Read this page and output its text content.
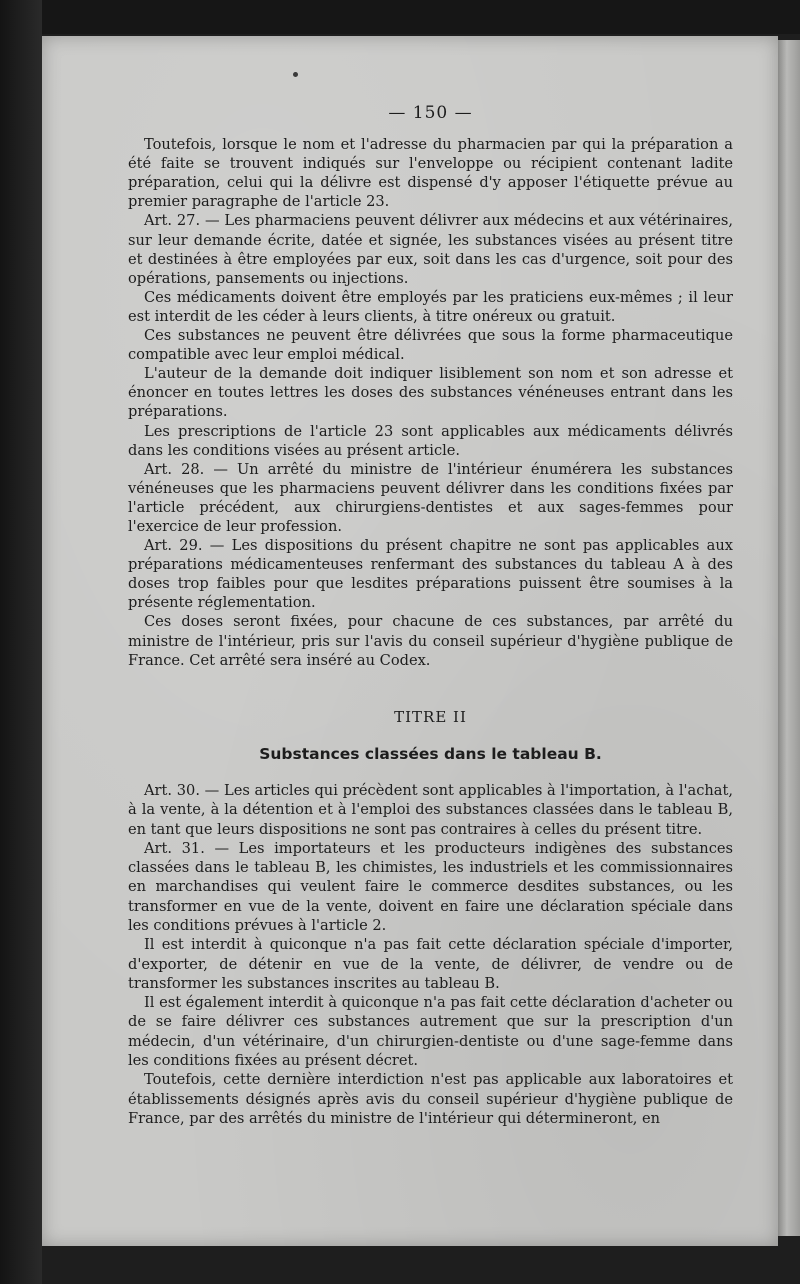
— 150 —

Toutefois, lorsque le nom et l'adresse du pharmacien par qui la préparation a été faite se trouvent indiqués sur l'enveloppe ou récipient contenant ladite préparation, celui qui la délivre est dispensé d'y apposer l'étiquette prévue au premier paragraphe de l'article 23.

Art. 27. — Les pharmaciens peuvent délivrer aux médecins et aux vétérinaires, sur leur demande écrite, datée et signée, les substances visées au présent titre et destinées à être employées par eux, soit dans les cas d'urgence, soit pour des opérations, pansements ou injections.

Ces médicaments doivent être employés par les praticiens eux-mêmes ; il leur est interdit de les céder à leurs clients, à titre onéreux ou gratuit.

Ces substances ne peuvent être délivrées que sous la forme pharmaceutique compatible avec leur emploi médical.

L'auteur de la demande doit indiquer lisiblement son nom et son adresse et énoncer en toutes lettres les doses des substances vénéneuses entrant dans les préparations.

Les prescriptions de l'article 23 sont applicables aux médicaments délivrés dans les conditions visées au présent article.

Art. 28. — Un arrêté du ministre de l'intérieur énumérera les substances vénéneuses que les pharmaciens peuvent délivrer dans les conditions fixées par l'article précédent, aux chirurgiens-dentistes et aux sages-femmes pour l'exercice de leur profession.

Art. 29. — Les dispositions du présent chapitre ne sont pas applicables aux préparations médicamenteuses renfermant des substances du tableau A à des doses trop faibles pour que lesdites préparations puissent être soumises à la présente réglementation.

Ces doses seront fixées, pour chacune de ces substances, par arrêté du ministre de l'intérieur, pris sur l'avis du conseil supérieur d'hygiène publique de France. Cet arrêté sera inséré au Codex.

TITRE II
Substances classées dans le tableau B.

Art. 30. — Les articles qui précèdent sont applicables à l'importation, à l'achat, à la vente, à la détention et à l'emploi des substances classées dans le tableau B, en tant que leurs dispositions ne sont pas contraires à celles du présent titre.

Art. 31. — Les importateurs et les producteurs indigènes des substances classées dans le tableau B, les chimistes, les industriels et les commissionnaires en marchandises qui veulent faire le commerce desdites substances, ou les transformer en vue de la vente, doivent en faire une déclaration spéciale dans les conditions prévues à l'article 2.

Il est interdit à quiconque n'a pas fait cette déclaration spéciale d'importer, d'exporter, de détenir en vue de la vente, de délivrer, de vendre ou de transformer les substances inscrites au tableau B.

Il est également interdit à quiconque n'a pas fait cette déclaration d'acheter ou de se faire délivrer ces substances autrement que sur la prescription d'un médecin, d'un vétérinaire, d'un chirurgien-dentiste ou d'une sage-femme dans les conditions fixées au présent décret.

Toutefois, cette dernière interdiction n'est pas applicable aux laboratoires et établissements désignés après avis du conseil supérieur d'hygiène publique de France, par des arrêtés du ministre de l'intérieur qui détermineront, en
